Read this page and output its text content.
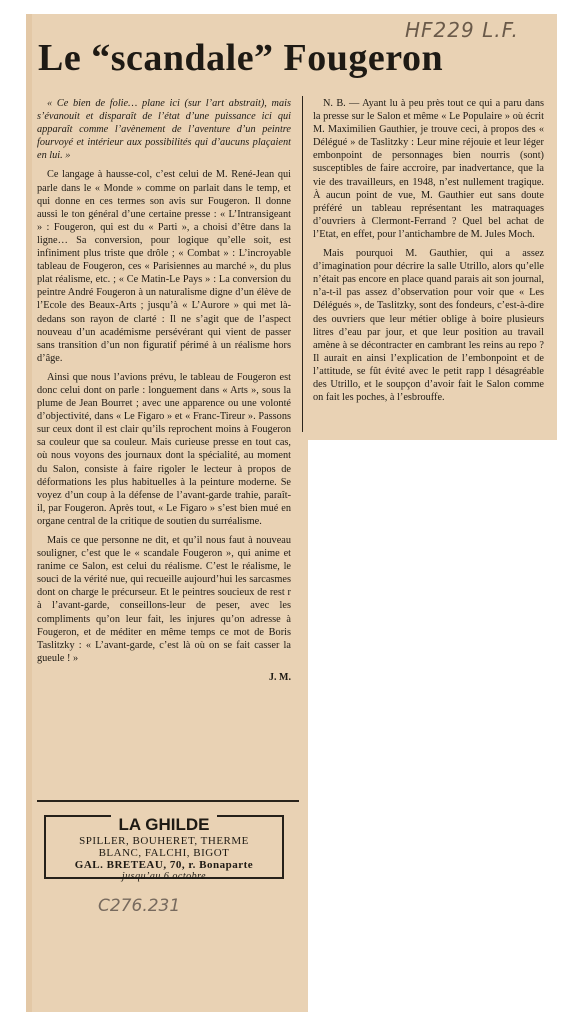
HF229 L.F.
Le “scandale” Fougeron

« Ce bien de folie… plane ici (sur l’art abstrait), mais s’évanouit et disparaît de l’état d’une puissance ici qui apparaît comme l’avènement de l’aventure d’un peintre fourvoyé et intérieur aux possibilités qui d’aucuns plaçaient en lui. »

Ce langage à hausse-col, c’est celui de M. René-Jean qui parle dans le « Monde » comme on parlait dans le temp, et qui donne en ces termes son avis sur Fougeron. Il donne aussi le ton général d’une certaine presse : « L’Intransigeant » : Fougeron, qui est du « Parti », a choisi d’être dans la ligne… Sa conversion, pour logique qu’elle soit, est infiniment plus triste que drôle ; « Combat » : L’incroyable tableau de Fougeron, ces « Parisiennes au marché », du plus plat réalisme, etc. ; « Ce Matin-Le Pays » : La conversion du peintre André Fougeron à un naturalisme digne d’un élève de l’Ecole des Beaux-Arts ; jusqu’à « L’Aurore » qui met là-dedans son rayon de clarté : Il ne s’agit que de l’aspect nouveau d’un académisme persévérant qui vient de passer sans transition d’un non figuratif périmé à un réalisme hors d’âge.

Ainsi que nous l’avions prévu, le tableau de Fougeron est donc celui dont on parle : longuement dans « Arts », sous la plume de Jean Bourret ; avec une apparence ou une volonté d’objectivité, dans « Le Figaro » et « Franc-Tireur ». Passons sur ceux dont il est clair qu’ils reprochent moins à Fougeron sa couleur que sa couleur. Mais curieuse presse en tout cas, où nous voyons des journaux dont la spécialité, au moment du Salon, consiste à faire rigoler le lecteur à propos de déformations les plus habituelles à la peinture moderne. Se voyez d’un coup à la défense de l’avant-garde trahie, paraît-il, par Fougeron. Après tout, « Le Figaro » s’est bien mué en organe central de la critique de soutien du surréalisme.

Mais ce que personne ne dit, et qu’il nous faut à nouveau souligner, c’est que le « scandale Fougeron », qui anime et ranime ce Salon, est celui du réalisme. C’est le réalisme, le souci de la vérité nue, qui recueille aujourd’hui les sarcasmes dont on charge le précurseur. Et le peintres soucieux de rest r à l’avant-garde, conseillons-leur de peser, avec les compliments qu’on leur fait, les injures qu’on adresse à Fougeron, et de méditer en même temps ce mot de Boris Taslitzky : « L’avant-garde, c’est là où on se fait casser la gueule ! »

J. M.

N. B. — Ayant lu à peu près tout ce qui a paru dans la presse sur le Salon et même « Le Populaire » où écrit M. Maximilien Gauthier, je trouve ceci, à propos des « Délégué » de Taslitzky : Leur mine réjouie et leur léger embonpoint de personnages bien nourris (sont) susceptibles de faire accroire, par inadvertance, que la vie des travailleurs, en 1948, n’est nullement tragique. À aucun point de vue, M. Gauthier eut sans doute préféré un tableau représentant les matraquages d’ouvriers à Clermont-Ferrand ? Quel bel achat de l’Etat, en effet, pour l’antichambre de M. Jules Moch.

Mais pourquoi M. Gauthier, qui a assez d’imagination pour décrire la salle Utrillo, alors qu’elle n’était pas encore en place quand parais ait son journal, n’a-t-il pas assez d’observation pour voir que « Les Délégués », de Taslitzky, sont des fondeurs, c’est-à-dire des ouvriers que leur métier oblige à boire plusieurs litres d’eau par jour, et que leur position au travail amène à se décontracter en cambrant les reins au repo ? Il aurait en ainsi l’explication de l’embonpoint et de l’attitude, se fût évité avec le petit rapp l désagréable des Utrillo, et le soupçon d’avoir fait le Salon comme on fait les poches, à l’esbrouffe.

LA GHILDE
SPILLER, BOUHERET, THERME
BLANC, FALCHI, BIGOT
GAL. BRETEAU, 70, r. Bonaparte
jusqu’au 6 octobre
C276.231
